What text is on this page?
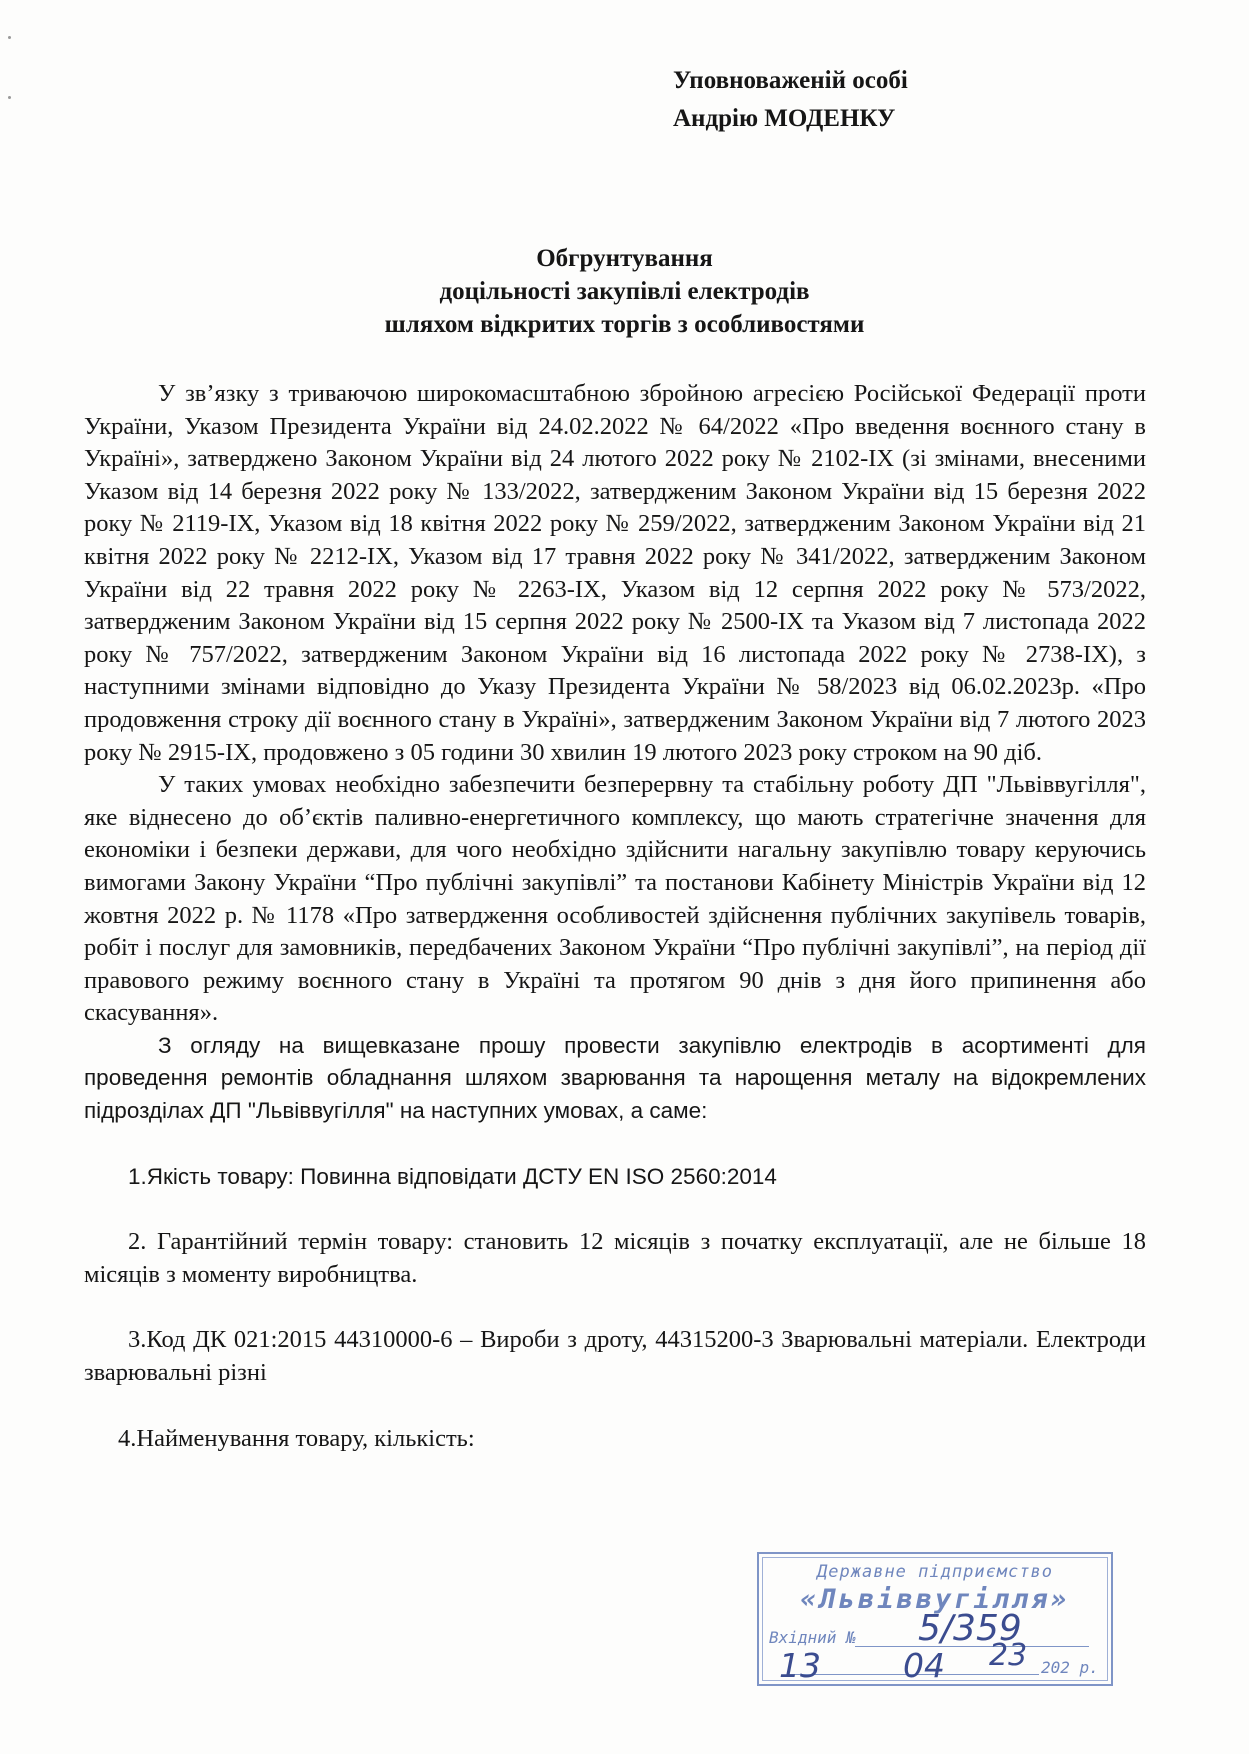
Уповноваженій особі
Андрію МОДЕНКУ
Обгрунтування
доцільності закупівлі електродів
шляхом відкритих торгів з особливостями

У зв’язку з триваючою широкомасштабною збройною агресією Російської Федерації проти України, Указом Президента України від 24.02.2022 № 64/2022 «Про введення воєнного стану в Україні», затверджено Законом України від 24 лютого 2022 року № 2102-IX (зі змінами, внесеними Указом від 14 березня 2022 року № 133/2022, затвердженим Законом України від 15 березня 2022 року № 2119-IX, Указом від 18 квітня 2022 року № 259/2022, затвердженим Законом України від 21 квітня 2022 року № 2212-IX, Указом від 17 травня 2022 року № 341/2022, затвердженим Законом України від 22 травня 2022 року № 2263-IX, Указом від 12 серпня 2022 року № 573/2022, затвердженим Законом України від 15 серпня 2022 року № 2500-IX та Указом від 7 листопада 2022 року № 757/2022, затвердженим Законом України від 16 листопада 2022 року № 2738-IX), з наступними змінами відповідно до Указу Президента України № 58/2023 від 06.02.2023р. «Про продовження строку дії воєнного стану в Україні», затвердженим Законом України від 7 лютого 2023 року № 2915-IX, продовжено з 05 години 30 хвилин 19 лютого 2023 року строком на 90 діб.

У таких умовах необхідно забезпечити безперервну та стабільну роботу ДП "Львіввугілля", яке віднесено до об’єктів паливно-енергетичного комплексу, що мають стратегічне значення для економіки і безпеки держави, для чого необхідно здійснити нагальну закупівлю товару керуючись вимогами Закону України “Про публічні закупівлі” та постанови Кабінету Міністрів України від 12 жовтня 2022 р. № 1178 «Про затвердження особливостей здійснення публічних закупівель товарів, робіт і послуг для замовників, передбачених Законом України “Про публічні закупівлі”, на період дії правового режиму воєнного стану в Україні та протягом 90 днів з дня його припинення або скасування».

З огляду на вищевказане прошу провести закупівлю електродів в асортименті для проведення ремонтів обладнання шляхом зварювання та нарощення металу на відокремлених підрозділах ДП "Львіввугілля" на наступних умовах, а саме:

1.Якість товару: Повинна відповідати ДСТУ EN ISO 2560:2014

2. Гарантійний термін товару: становить 12 місяців з початку експлуатації, але не більше 18 місяців з моменту виробництва.

3.Код ДК 021:2015 44310000-6 – Вироби з дроту, 44315200-3 Зварювальні матеріали. Електроди зварювальні різні

4.Найменування товару, кількість:

Державне підприємство
«Львіввугілля»
Вхідний №
202 р.
5/359
13 04 23
